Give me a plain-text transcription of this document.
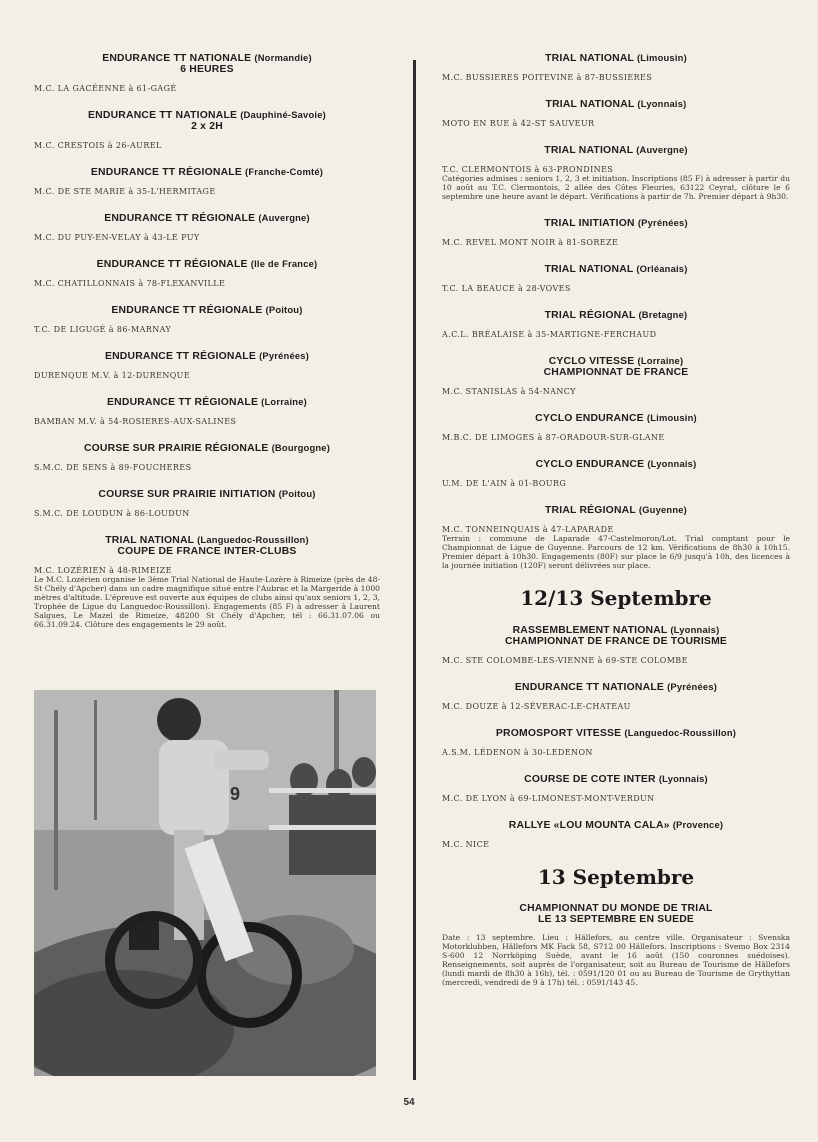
ENDURANCE TT NATIONALE (Normandie)
6 HEURES
M.C. LA GACÉENNE à 61-GAGÉ
ENDURANCE TT NATIONALE (Dauphiné-Savoie)
2 x 2H
M.C. CRESTOIS à 26-AUREL
ENDURANCE TT RÉGIONALE (Franche-Comté)
M.C. DE STE MARIE à 35-L'HERMITAGE
ENDURANCE TT RÉGIONALE (Auvergne)
M.C. DU PUY-EN-VELAY à 43-LE PUY
ENDURANCE TT RÉGIONALE (Ile de France)
M.C. CHATILLONNAIS à 78-FLEXANVILLE
ENDURANCE TT RÉGIONALE (Poitou)
T.C. DE LIGUGÉ à 86-MARNAY
ENDURANCE TT RÉGIONALE (Pyrénées)
DURENQUE M.V. à 12-DURENQUE
ENDURANCE TT RÉGIONALE (Lorraine)
BAMBAN M.V. à 54-ROSIERES-AUX-SALINES
COURSE SUR PRAIRIE RÉGIONALE (Bourgogne)
S.M.C. DE SENS à 89-FOUCHERES
COURSE SUR PRAIRIE INITIATION (Poitou)
S.M.C. DE LOUDUN à 86-LOUDUN
TRIAL NATIONAL (Languedoc-Roussillon)
COUPE DE FRANCE INTER-CLUBS
M.C. LOZÉRIEN à 48-RIMEIZE
Le M.C. Lozérien organise le 3ème Trial National de Haute-Lozère à Rimeize (près de 48-St Chély d'Apcher) dans un cadre magnifique situé entre l'Aubrac et la Margeride à 1000 mètres d'altitude. L'épreuve est ouverte aux équipes de clubs ainsi qu'aux seniors 1, 2, 3, Trophée de Ligue du Languedoc-Roussillon). Engagements (85 F) à adresser à Laurent Salgues, Le Mazel de Rimeize, 48200 St Chély d'Apcher, tél : 66.31.07.06 ou 66.31.09.24. Clôture des engagements le 29 août.
TRIAL NATIONAL (Limousin)
M.C. BUSSIERES POITEVINE à 87-BUSSIERES
TRIAL NATIONAL (Lyonnais)
MOTO EN RUE à 42-ST SAUVEUR
TRIAL NATIONAL (Auvergne)
T.C. CLERMONTOIS à 63-PRONDINES
Catégories admises : seniors 1, 2, 3 et initiation. Inscriptions (85 F) à adresser à partir du 10 août au T.C. Clermontois, 2 allée des Côtes Fleuries, 63122 Ceyrat, clôture le 6 septembre une heure avant le départ. Vérifications à partir de 7h. Premier départ à 9h30.
TRIAL INITIATION (Pyrénées)
M.C. REVEL MONT NOIR à 81-SOREZE
TRIAL NATIONAL (Orléanais)
T.C. LA BEAUCE à 28-VOVES
TRIAL RÉGIONAL (Bretagne)
A.C.L. BRÉALAISE à 35-MARTIGNE-FERCHAUD
CYCLO VITESSE (Lorraine)
CHAMPIONNAT DE FRANCE
M.C. STANISLAS à 54-NANCY
CYCLO ENDURANCE (Limousin)
M.B.C. DE LIMOGES à 87-ORADOUR-SUR-GLANE
CYCLO ENDURANCE (Lyonnais)
U.M. DE L'AIN à 01-BOURG
TRIAL RÉGIONAL (Guyenne)
M.C. TONNEINQUAIS à 47-LAPARADE
Terrain : commune de Laparade 47-Castelmoron/Lot. Trial comptant pour le Championnat de Ligue de Guyenne. Parcours de 12 km. Vérifications de 8h30 à 10h15. Premier départ à 10h30. Engagements (80F) sur place le 6/9 jusqu'à 10h, des licences à la journée initiation (120F) seront délivrées sur place.
12/13 Septembre
RASSEMBLEMENT NATIONAL (Lyonnais)
CHAMPIONNAT DE FRANCE DE TOURISME
M.C. STE COLOMBE-LES-VIENNE à 69-STE COLOMBE
ENDURANCE TT NATIONALE (Pyrénées)
M.C. DOUZE à 12-SÉVERAC-LE-CHATEAU
PROMOSPORT VITESSE (Languedoc-Roussillon)
A.S.M. LÉDENON à 30-LEDENON
COURSE DE COTE INTER (Lyonnais)
M.C. DE LYON à 69-LIMONEST-MONT-VERDUN
RALLYE «LOU MOUNTA CALA» (Provence)
M.C. NICE
13 Septembre
CHAMPIONNAT DU MONDE DE TRIAL
LE 13 SEPTEMBRE EN SUEDE
Date : 13 septembre. Lieu : Hällefors, au centre ville. Organisateur : Svenska Motorklubben, Hällefors MK Fack 58, S712 00 Hällefors. Inscriptions : Svemo Box 2314 S-600 12 Norrköping Suède, avant le 16 août (150 couronnes suédoises). Renseignements, soit auprès de l'organisateur, soit au Bureau de Tourisme de Hällefors (lundi mardi de 8h30 à 16h), tél. : 0591/120 01 ou au Bureau de Tourisme de Grythyttan (mercredi, vendredi de 9 à 17h) tél. : 0591/143 45.
9
54
